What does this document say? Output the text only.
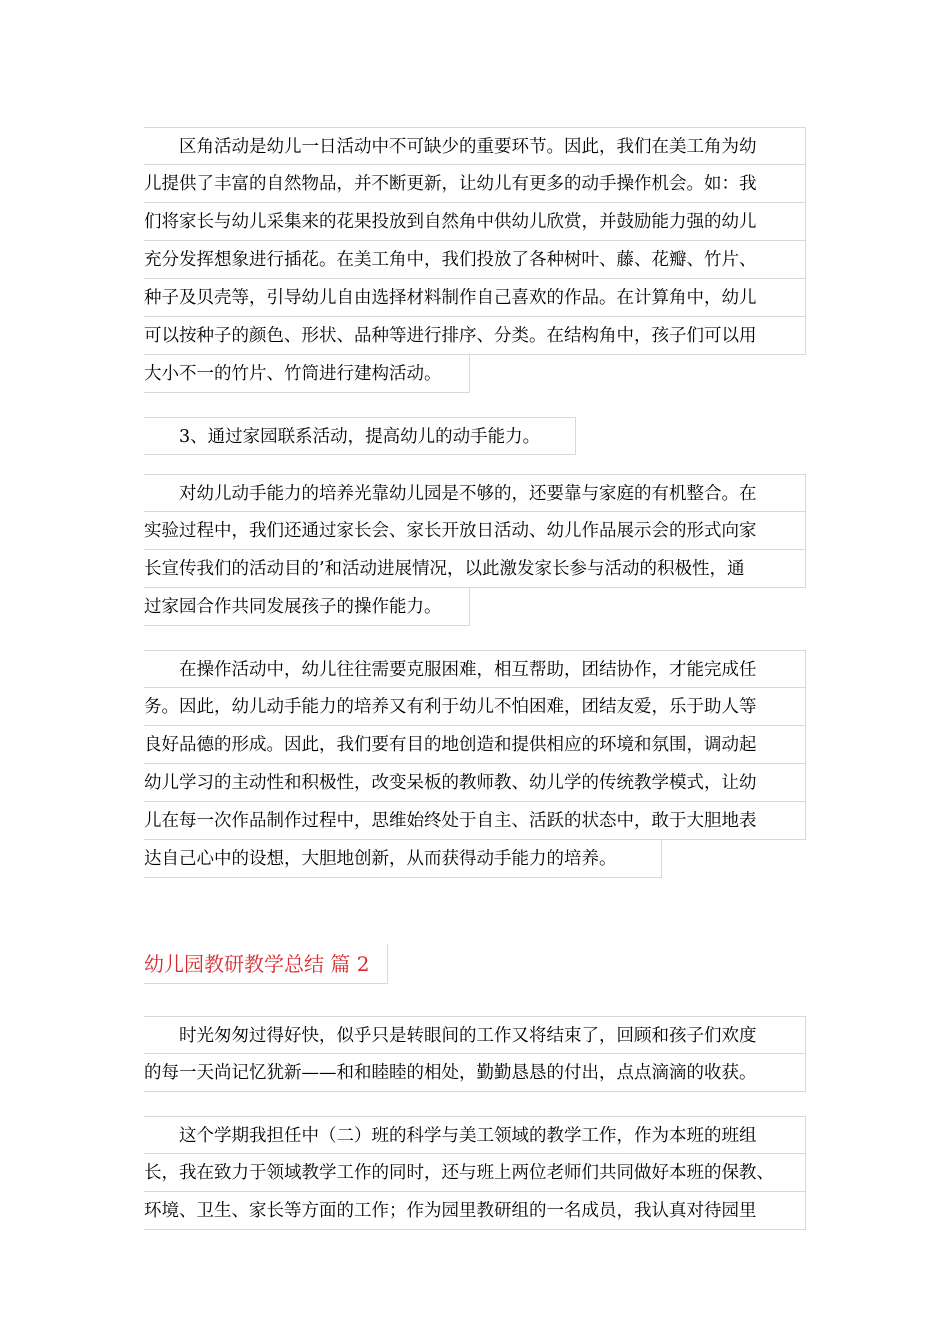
　　区角活动是幼儿一日活动中不可缺少的重要环节。因此，我们在美工角为幼
儿提供了丰富的自然物品，并不断更新，让幼儿有更多的动手操作机会。如：我
们将家长与幼儿采集来的花果投放到自然角中供幼儿欣赏，并鼓励能力强的幼儿
充分发挥想象进行插花。在美工角中，我们投放了各种树叶、藤、花瓣、竹片、
种子及贝壳等，引导幼儿自由选择材料制作自己喜欢的作品。在计算角中，幼儿
可以按种子的颜色、形状、品种等进行排序、分类。在结构角中，孩子们可以用
大小不一的竹片、竹筒进行建构活动。
　　3、通过家园联系活动，提高幼儿的动手能力。
　　对幼儿动手能力的培养光靠幼儿园是不够的，还要靠与家庭的有机整合。在
实验过程中，我们还通过家长会、家长开放日活动、幼儿作品展示会的形式向家
长宣传我们的活动目的’和活动进展情况，以此激发家长参与活动的积极性，通
过家园合作共同发展孩子的操作能力。
　　在操作活动中，幼儿往往需要克服困难，相互帮助，团结协作，才能完成任
务。因此，幼儿动手能力的培养又有利于幼儿不怕困难，团结友爱，乐于助人等
良好品德的形成。因此，我们要有目的地创造和提供相应的环境和氛围，调动起
幼儿学习的主动性和积极性，改变呆板的教师教、幼儿学的传统教学模式，让幼
儿在每一次作品制作过程中，思维始终处于自主、活跃的状态中，敢于大胆地表
达自己心中的设想，大胆地创新，从而获得动手能力的培养。
幼儿园教研教学总结 篇 2
　　时光匆匆过得好快，似乎只是转眼间的工作又将结束了，回顾和孩子们欢度
的每一天尚记忆犹新——和和睦睦的相处，勤勤恳恳的付出，点点滴滴的收获。
　　这个学期我担任中（二）班的科学与美工领域的教学工作，作为本班的班组
长，我在致力于领域教学工作的同时，还与班上两位老师们共同做好本班的保教、
环境、卫生、家长等方面的工作；作为园里教研组的一名成员，我认真对待园里
